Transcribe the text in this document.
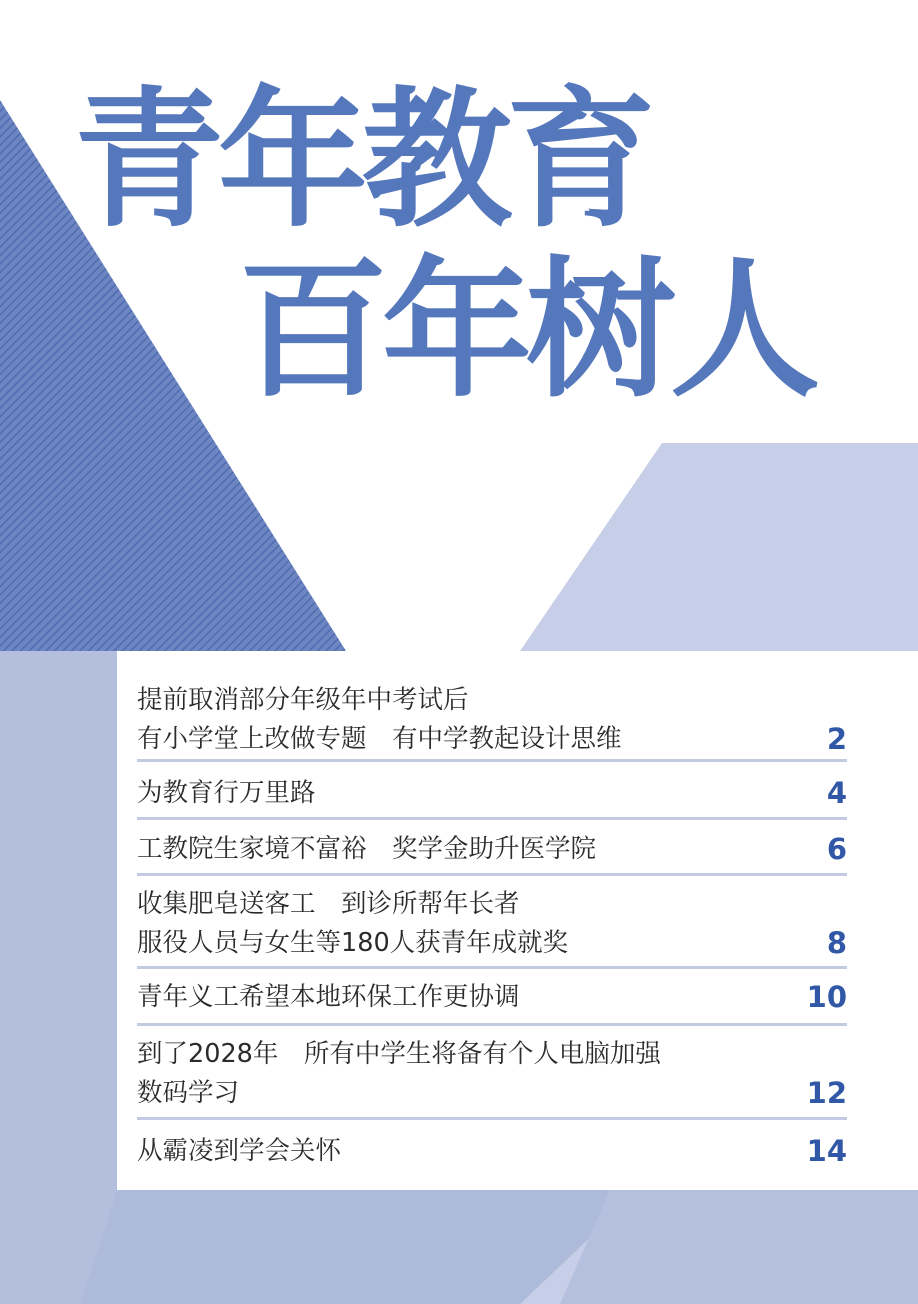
青年教育
百年树人
提前取消部分年级年中考试后
有小学堂上改做专题　有中学教起设计思维	2
为教育行万里路	4
工教院生家境不富裕　奖学金助升医学院	6
收集肥皂送客工　到诊所帮年长者
服役人员与女生等180人获青年成就奖	8
青年义工希望本地环保工作更协调	10
到了2028年　所有中学生将备有个人电脑加强
数码学习	12
从霸凌到学会关怀	14
